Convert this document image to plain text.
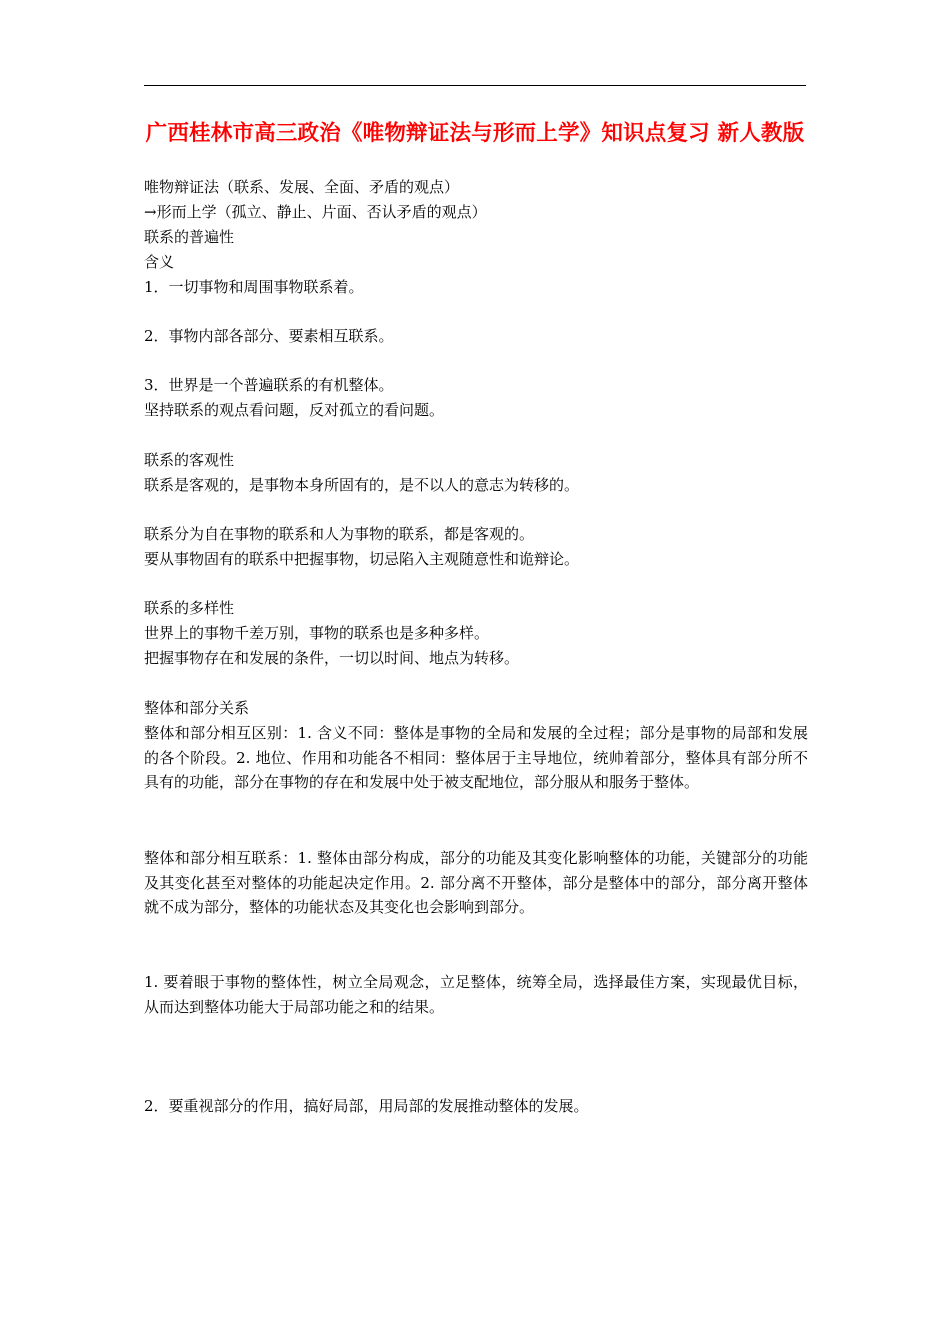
广西桂林市高三政治《唯物辩证法与形而上学》知识点复习 新人教版
唯物辩证法（联系、发展、全面、矛盾的观点）
→形而上学（孤立、静止、片面、否认矛盾的观点）
联系的普遍性
含义
1．一切事物和周围事物联系着。
2．事物内部各部分、要素相互联系。
3．世界是一个普遍联系的有机整体。
坚持联系的观点看问题，反对孤立的看问题。
联系的客观性
联系是客观的，是事物本身所固有的，是不以人的意志为转移的。
联系分为自在事物的联系和人为事物的联系，都是客观的。
要从事物固有的联系中把握事物，切忌陷入主观随意性和诡辩论。
联系的多样性
世界上的事物千差万别，事物的联系也是多种多样。
把握事物存在和发展的条件，一切以时间、地点为转移。
整体和部分关系
整体和部分相互区别：1. 含义不同：整体是事物的全局和发展的全过程；部分是事物的局部和发展的各个阶段。2. 地位、作用和功能各不相同：整体居于主导地位，统帅着部分，整体具有部分所不具有的功能，部分在事物的存在和发展中处于被支配地位，部分服从和服务于整体。
整体和部分相互联系：1. 整体由部分构成，部分的功能及其变化影响整体的功能，关键部分的功能及其变化甚至对整体的功能起决定作用。2. 部分离不开整体，部分是整体中的部分，部分离开整体就不成为部分，整体的功能状态及其变化也会影响到部分。
1. 要着眼于事物的整体性，树立全局观念，立足整体，统筹全局，选择最佳方案，实现最优目标，从而达到整体功能大于局部功能之和的结果。
2．要重视部分的作用，搞好局部，用局部的发展推动整体的发展。
